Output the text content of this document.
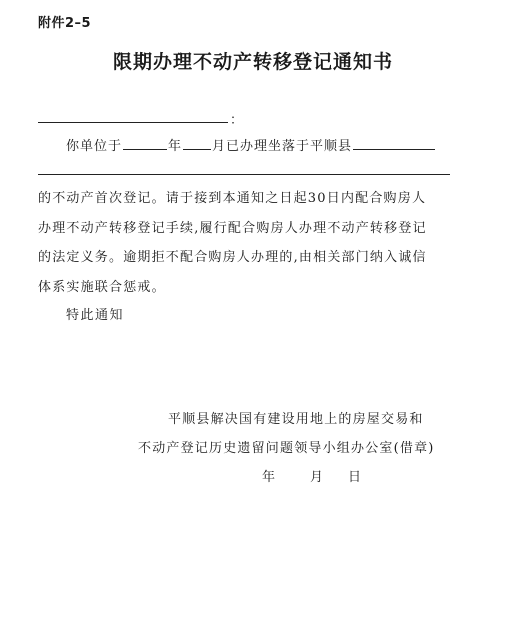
附件2–5
限期办理不动产转移登记通知书
：
你单位于	年 月已办理坐落于平顺县
的不动产首次登记。请于接到本通知之日起30日内配合购房人
办理不动产转移登记手续,履行配合购房人办理不动产转移登记
的法定义务。逾期拒不配合购房人办理的,由相关部门纳入诚信
体系实施联合惩戒。
特此通知
平顺县解决国有建设用地上的房屋交易和
不动产登记历史遗留问题领导小组办公室(借章)
年	月 日
